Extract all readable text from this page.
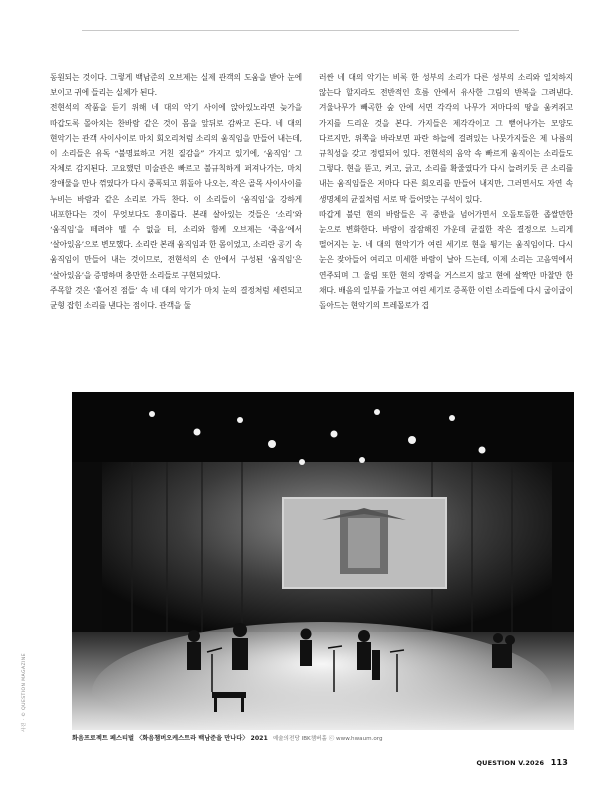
동원되는 것이다. 그렇게 백남준의 오브제는 실제 관객의 도움을 받아 눈에 보이고 귀에 들리는 실체가 된다.

전현석의 작품을 듣기 위해 네 대의 악기 사이에 앉아있노라면 늦가을 따갑도록 몰아치는 찬바람 같은 것이 몸을 앞뒤로 감싸고 돈다. 네 대의 현악기는 관객 사이사이로 마치 회오리처럼 소리의 움직임을 만들어 내는데, 이 소리들은 유독 “불명료하고 거친 질감을” 가지고 있기에, ‘움직임’ 그 자체로 감지된다. 고요했던 미술관은 빠르고 불규칙하게 퍼져나가는, 마치 장애물을 만나 꺾였다가 다시 중폭되고 휘돌아 나오는, 작은 골목 사이사이를 누비는 바람과 같은 소리로 가득 찬다. 이 소리들이 ‘움직임’을 강하게 내포한다는 것이 무엇보다도 흥미롭다. 본래 살아있는 것들은 ‘소리’와 ‘움직임’을 떼려야 뗄 수 없을 터, 소리와 함께 오브제는 ‘죽음’에서 ‘살아있음’으로 변모했다. 소리란 본래 움직임과 한 몸이었고, 소리란 공기 속 움직임이 만들어 내는 것이므로, 전현석의 손 안에서 구성된 ‘움직임’은 ‘살아있음’을 증명하며 충만한 소리들로 구현되었다.

주목할 것은 ‘흩어진 점들’ 속 네 대의 악기가 마치 눈의 결정처럼 세련되고 균형 잡힌 소리를 낸다는 점이다. 관객을 둘

러싼 네 대의 악기는 비록 한 성부의 소리가 다른 성부의 소리와 일치하지 않는다 할지라도 전반적인 흐름 안에서 유사한 그림의 반복을 그려낸다. 겨울나무가 빼곡한 숲 안에 서면 각각의 나무가 저마다의 땅을 움켜쥐고 가지를 드리운 것을 본다. 가지들은 제각각이고 그 뻗어나가는 모양도 다르지만, 위쪽을 바라보면 파란 하늘에 걸려있는 나뭇가지들은 제 나름의 규칙성을 갖고 정렬되어 있다. 전현석의 음악 속 빠르게 움직이는 소리들도 그렇다. 현을 뜯고, 켜고, 긁고, 소리를 확줄였다가 다시 늘려키듯 큰 소리를 내는 움직임들은 저마다 다른 회오리를 만들어 내지만, 그러면서도 자연 속 생명체의 균질처럼 서로 딱 들어맞는 구석이 있다.

따갑게 불던 현의 바람들은 곡 중반을 넘어가면서 오돌토돌한 좁쌀만한 눈으로 변화한다. 바람이 잠잠해진 가운데 균질한 작은 결정으로 느리게 떨어지는 눈. 네 대의 현악기가 여린 세기로 현을 튕기는 움직임이다. 다시 눈은 잦아들어 여리고 미세한 바람이 날아 드는데, 이제 소리는 고음역에서 연주되며 그 울림 또한 현의 장력을 거스르지 않고 현에 살짝만 마찰만 한 채다. 배음의 일부를 가늘고 여린 세기로 증폭한 이런 소리들에 다시 굽이굽이 돌아드는 현악기의 트레몰로가 겹

화음프로젝트 페스티벌 〈화음챔버오케스트라 백남준을 만나다〉 2021 예술의전당 IBK챔버홀 ⓒ www.hwaum.org
사진 · © QUESTION MAGAZINE
QUESTION V.2026 113
